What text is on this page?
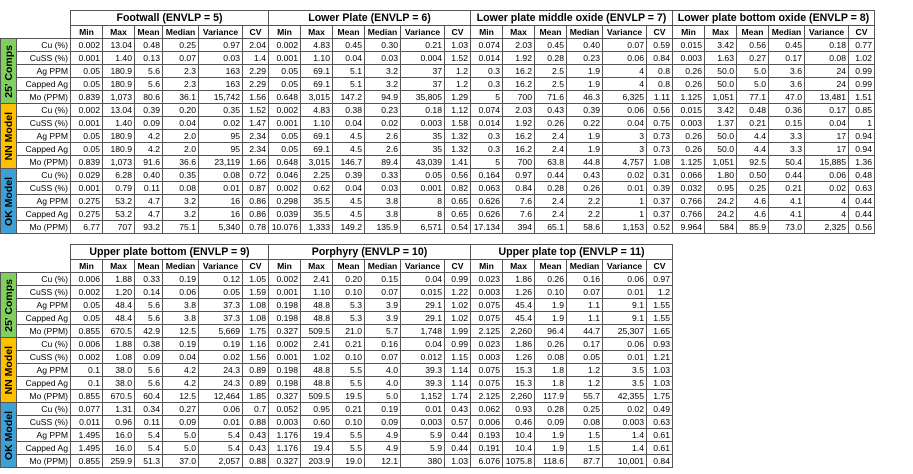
		Footwall (ENVLP = 5)						Lower Plate (ENVLP = 6)						Lower plate middle oxide (ENVLP = 7)						Lower plate bottom oxide (ENVLP = 8)					
		Min	Max	Mean	Median	Variance	CV	Min	Max	Mean	Median	Variance	CV	Min	Max	Mean	Median	Variance	CV	Min	Max	Mean	Median	Variance	CV

25' Comps	Cu (%)	0.002	13.04	0.48	0.25	0.97	2.04	0.002	4.83	0.45	0.30	0.21	1.03	0.074	2.03	0.45	0.40	0.07	0.59	0.015	3.42	0.56	0.45	0.18	0.77
	CuSS (%)	0.001	1.40	0.13	0.07	0.03	1.4	0.001	1.10	0.04	0.03	0.004	1.52	0.014	1.92	0.28	0.23	0.06	0.84	0.003	1.63	0.27	0.17	0.08	1.02
	Ag PPM	0.05	180.9	5.6	2.3	163	2.29	0.05	69.1	5.1	3.2	37	1.2	0.3	16.2	2.5	1.9	4	0.8	0.26	50.0	5.0	3.6	24	0.99
	Capped Ag	0.05	180.9	5.6	2.3	163	2.29	0.05	69.1	5.1	3.2	37	1.2	0.3	16.2	2.5	1.9	4	0.8	0.26	50.0	5.0	3.6	24	0.99
	Mo (PPM)	0.839	1,073	80.6	36.1	15,742	1.56	0.648	3,015	147.2	94.9	35,805	1.29	5	700	71.6	46.3	6,325	1.11	1.125	1,051	77.1	47.0	13,481	1.51

NN Model	Cu (%)	0.002	13.04	0.39	0.20	0.35	1.52	0.002	4.83	0.38	0.23	0.18	1.12	0.074	2.03	0.43	0.39	0.06	0.56	0.015	3.42	0.48	0.36	0.17	0.85
	CuSS (%)	0.001	1.40	0.09	0.04	0.02	1.47	0.001	1.10	0.04	0.02	0.003	1.58	0.014	1.92	0.26	0.22	0.04	0.75	0.003	1.37	0.21	0.15	0.04	1
	Ag PPM	0.05	180.9	4.2	2.0	95	2.34	0.05	69.1	4.5	2.6	35	1.32	0.3	16.2	2.4	1.9	3	0.73	0.26	50.0	4.4	3.3	17	0.94
	Capped Ag	0.05	180.9	4.2	2.0	95	2.34	0.05	69.1	4.5	2.6	35	1.32	0.3	16.2	2.4	1.9	3	0.73	0.26	50.0	4.4	3.3	17	0.94
	Mo (PPM)	0.839	1,073	91.6	36.6	23,119	1.66	0.648	3,015	146.7	89.4	43,039	1.41	5	700	63.8	44.8	4,757	1.08	1.125	1,051	92.5	50.4	15,885	1.36

OK Model	Cu (%)	0.029	6.28	0.40	0.35	0.08	0.72	0.046	2.25	0.39	0.33	0.05	0.56	0.164	0.97	0.44	0.43	0.02	0.31	0.066	1.80	0.50	0.44	0.06	0.48
	CuSS (%)	0.001	0.79	0.11	0.08	0.01	0.87	0.002	0.62	0.04	0.03	0.001	0.82	0.063	0.84	0.28	0.26	0.01	0.39	0.032	0.95	0.25	0.21	0.02	0.63
	Ag PPM	0.275	53.2	4.7	3.2	16	0.86	0.298	35.5	4.5	3.8	8	0.65	0.626	7.6	2.4	2.2	1	0.37	0.766	24.2	4.6	4.1	4	0.44
	Capped Ag	0.275	53.2	4.7	3.2	16	0.86	0.039	35.5	4.5	3.8	8	0.65	0.626	7.6	2.4	2.2	1	0.37	0.766	24.2	4.6	4.1	4	0.44
	Mo (PPM)	6.77	707	93.2	75.1	5,340	0.78	10.076	1,333	149.2	135.9	6,571	0.54	17.134	394	65.1	58.6	1,153	0.52	9.964	584	85.9	73.0	2,325	0.56
		Upper plate bottom (ENVLP = 9)						Porphyry (ENVLP = 10)						Upper plate top (ENVLP = 11)					
		Min	Max	Mean	Median	Variance	CV	Min	Max	Mean	Median	Variance	CV	Min	Max	Mean	Median	Variance	CV

25' Comps	Cu (%)	0.006	1.88	0.33	0.19	0.12	1.05	0.002	2.41	0.20	0.15	0.04	0.99	0.023	1.86	0.26	0.16	0.06	0.97
	CuSS (%)	0.002	1.20	0.14	0.06	0.05	1.59	0.001	1.10	0.10	0.07	0.015	1.22	0.003	1.26	0.10	0.07	0.01	1.2
	Ag PPM	0.05	48.4	5.6	3.8	37.3	1.08	0.198	48.8	5.3	3.9	29.1	1.02	0.075	45.4	1.9	1.1	9.1	1.55
	Capped Ag	0.05	48.4	5.6	3.8	37.3	1.08	0.198	48.8	5.3	3.9	29.1	1.02	0.075	45.4	1.9	1.1	9.1	1.55
	Mo (PPM)	0.855	670.5	42.9	12.5	5,669	1.75	0.327	509.5	21.0	5.7	1,748	1.99	2.125	2,260	96.4	44.7	25,307	1.65

NN Model	Cu (%)	0.006	1.88	0.38	0.19	0.19	1.16	0.002	2.41	0.21	0.16	0.04	0.99	0.023	1.86	0.26	0.17	0.06	0.93
	CuSS (%)	0.002	1.08	0.09	0.04	0.02	1.56	0.001	1.02	0.10	0.07	0.012	1.15	0.003	1.26	0.08	0.05	0.01	1.21
	Ag PPM	0.1	38.0	5.6	4.2	24.3	0.89	0.198	48.8	5.5	4.0	39.3	1.14	0.075	15.3	1.8	1.2	3.5	1.03
	Capped Ag	0.1	38.0	5.6	4.2	24.3	0.89	0.198	48.8	5.5	4.0	39.3	1.14	0.075	15.3	1.8	1.2	3.5	1.03
	Mo (PPM)	0.855	670.5	60.4	12.5	12,464	1.85	0.327	509.5	19.5	5.0	1,152	1.74	2.125	2,260	117.9	55.7	42,355	1.75

OK Model	Cu (%)	0.077	1.31	0.34	0.27	0.06	0.7	0.052	0.95	0.21	0.19	0.01	0.43	0.062	0.93	0.28	0.25	0.02	0.49
	CuSS (%)	0.011	0.96	0.11	0.09	0.01	0.88	0.003	0.60	0.10	0.09	0.003	0.57	0.006	0.46	0.09	0.08	0.003	0.63
	Ag PPM	1.495	16.0	5.4	5.0	5.4	0.43	1.176	19.4	5.5	4.9	5.9	0.44	0.193	10.4	1.9	1.5	1.4	0.61
	Capped Ag	1.495	16.0	5.4	5.0	5.4	0.43	1.176	19.4	5.5	4.9	5.9	0.44	0.191	10.4	1.9	1.5	1.4	0.61
	Mo (PPM)	0.855	259.9	51.3	37.0	2,057	0.88	0.327	203.9	19.0	12.1	380	1.03	6.076	1075.8	118.6	87.7	10,001	0.84
